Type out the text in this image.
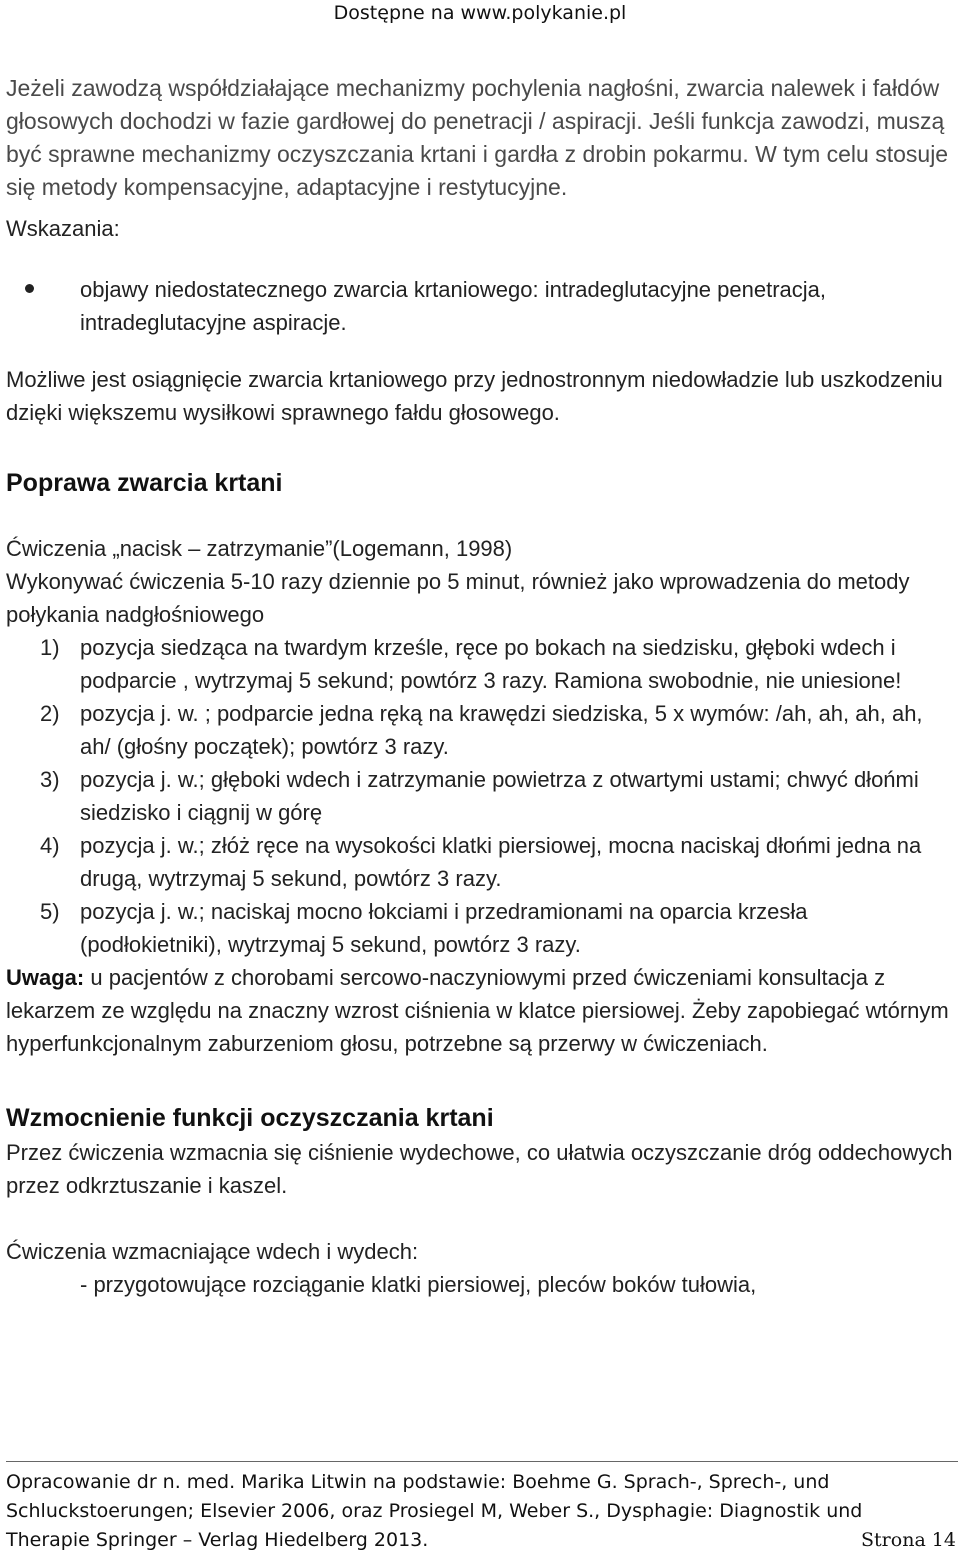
Dostępne na www.polykanie.pl

Jeżeli zawodzą współdziałające mechanizmy pochylenia nagłośni, zwarcia nalewek i fałdów głosowych dochodzi w fazie gardłowej do penetracji / aspiracji. Jeśli funkcja zawodzi, muszą być sprawne mechanizmy oczyszczania krtani i gardła z drobin pokarmu. W tym celu stosuje się metody kompensacyjne, adaptacyjne i restytucyjne.

Wskazania:

objawy niedostatecznego zwarcia krtaniowego: intradeglutacyjne penetracja, intradeglutacyjne aspiracje.

Możliwe jest osiągnięcie zwarcia krtaniowego przy jednostronnym niedowładzie lub uszkodzeniu dzięki większemu wysiłkowi sprawnego fałdu głosowego.

Poprawa zwarcia krtani

Ćwiczenia „nacisk – zatrzymanie”(Logemann, 1998)

Wykonywać ćwiczenia 5-10 razy dziennie po 5 minut, również jako wprowadzenia do metody połykania nadgłośniowego

1) pozycja siedząca na twardym krześle, ręce po bokach na siedzisku, głęboki wdech i podparcie , wytrzymaj 5 sekund; powtórz 3 razy. Ramiona swobodnie, nie uniesione!
2) pozycja j. w. ; podparcie jedna ręką na krawędzi siedziska, 5 x wymów: /ah, ah, ah, ah, ah/ (głośny początek); powtórz 3 razy.
3) pozycja j. w.; głęboki wdech i zatrzymanie powietrza z otwartymi ustami; chwyć dłońmi siedzisko i ciągnij w górę
4) pozycja j. w.; złóż ręce na wysokości klatki piersiowej, mocna naciskaj dłońmi jedna na drugą, wytrzymaj 5 sekund, powtórz 3 razy.
5) pozycja j. w.; naciskaj mocno łokciami i przedramionami na oparcia krzesła (podłokietniki), wytrzymaj 5 sekund, powtórz 3 razy.

Uwaga: u pacjentów z chorobami sercowo-naczyniowymi przed ćwiczeniami konsultacja z lekarzem ze względu na znaczny wzrost ciśnienia w klatce piersiowej. Żeby zapobiegać wtórnym hyperfunkcjonalnym zaburzeniom głosu, potrzebne są przerwy w ćwiczeniach.

Wzmocnienie funkcji oczyszczania krtani

Przez ćwiczenia wzmacnia się ciśnienie wydechowe, co ułatwia oczyszczanie dróg oddechowych przez odkrztuszanie i kaszel.

Ćwiczenia wzmacniające wdech i wydech:

- przygotowujące rozciąganie klatki piersiowej, pleców boków tułowia,

Opracowanie dr n. med. Marika Litwin na podstawie: Boehme G. Sprach-, Sprech-, und
Schluckstoerungen; Elsevier 2006, oraz Prosiegel M, Weber S., Dysphagie: Diagnostik und
Therapie Springer – Verlag Hiedelberg 2013.	Strona 14
